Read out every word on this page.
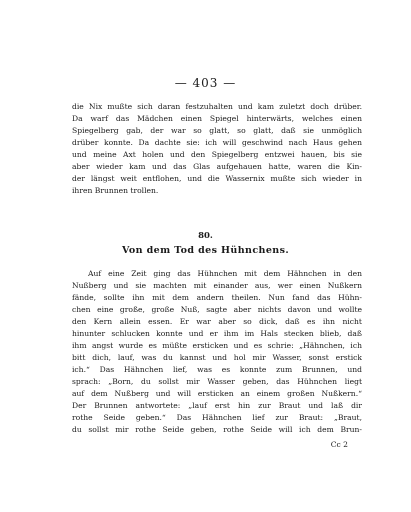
— 403 —
die Nix mußte sich daran festzuhalten und kam zuletzt doch drüber.
Da warf das Mädchen einen Spiegel hinterwärts, welches einen
Spiegelberg gab, der war so glatt, so glatt, daß sie unmöglich
drüber konnte. Da dachte sie: ich will geschwind nach Haus gehen
und meine Axt holen und den Spiegelberg entzwei hauen, bis sie
aber wieder kam und das Glas aufgehauen hatte, waren die Kin-
der längst weit entflohen, und die Wassernix mußte sich wieder in
ihren Brunnen trollen.
80.
Von dem Tod des Hühnchens.
Auf eine Zeit ging das Hühnchen mit dem Hähnchen in den
Nußberg und sie machten mit einander aus, wer einen Nußkern
fände, sollte ihn mit dem andern theilen. Nun fand das Hühn-
chen eine große, große Nuß, sagte aber nichts davon und wollte
den Kern allein essen. Er war aber so dick, daß es ihn nicht
hinunter schlucken konnte und er ihm im Hals stecken blieb, daß
ihm angst wurde es müßte ersticken und es schrie: „Hähnchen, ich
bitt dich, lauf, was du kannst und hol mir Wasser, sonst erstick
ich.“ Das Hähnchen lief, was es konnte zum Brunnen, und
sprach: „Born, du sollst mir Wasser geben, das Hühnchen liegt
auf dem Nußberg und will ersticken an einem großen Nußkern.“
Der Brunnen antwortete: „lauf erst hin zur Braut und laß dir
rothe Seide geben.“ Das Hähnchen lief zur Braut: „Braut,
du sollst mir rothe Seide geben, rothe Seide will ich dem Brun-
Cc 2
